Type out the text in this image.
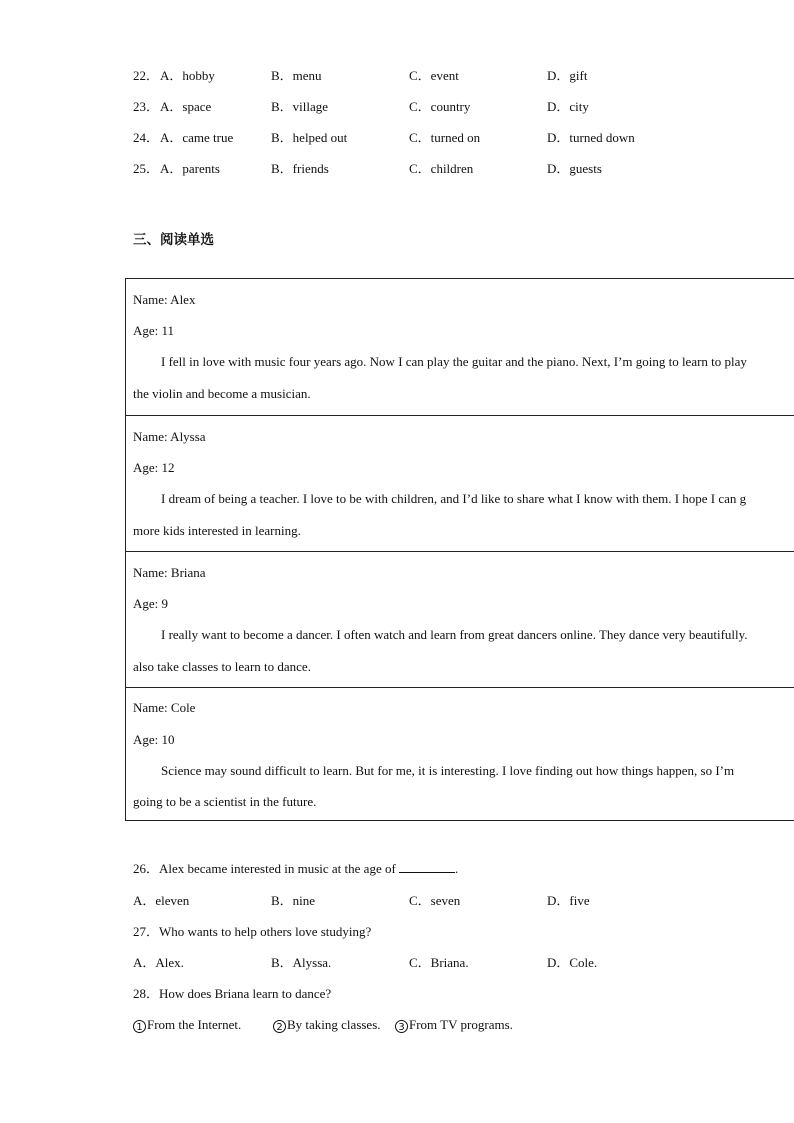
22． A．hobby	B．menu	C．event	D．gift
23． A．space	B．village	C．country	D．city
24． A．came true	B．helped out	C．turned on	D．turned down
25． A．parents	B．friends	C．children	D．guests
三、阅读单选
Name: Alex
Age: 11
I fell in love with music four years ago. Now I can play the guitar and the piano. Next, I’m going to learn to play
the violin and become a musician.
Name: Alyssa
Age: 12
I dream of being a teacher. I love to be with children, and I’d like to share what I know with them. I hope I can g
more kids interested in learning.
Name: Briana
Age: 9
I really want to become a dancer. I often watch and learn from great dancers online. They dance very beautifully.
also take classes to learn to dance.
Name: Cole
Age: 10
Science may sound difficult to learn. But for me, it is interesting. I love finding out how things happen, so I’m
going to be a scientist in the future.
26．Alex became interested in music at the age of	.
A．eleven	B．nine	C．seven	D．five
27．Who wants to help others love studying?
A．Alex.	B．Alyssa.	C．Briana.	D．Cole.
28．How does Briana learn to dance?
1 From the Internet.	2 By taking classes.	3 From TV programs.
